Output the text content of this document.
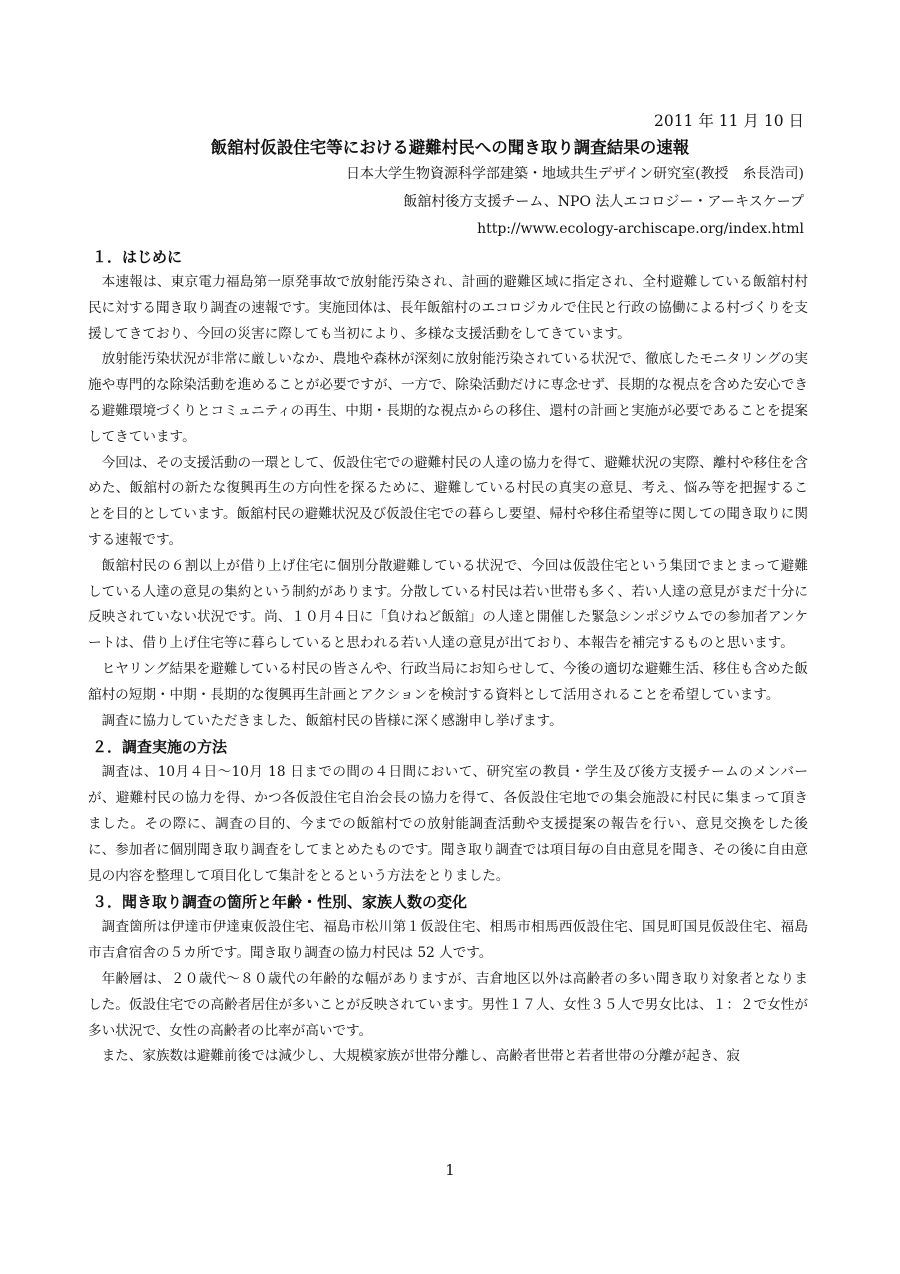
2011 年 11 月 10 日
飯舘村仮設住宅等における避難村民への聞き取り調査結果の速報
日本大学生物資源科学部建築・地域共生デザイン研究室(教授　糸長浩司)
飯舘村後方支援チーム、NPO 法人エコロジー・アーキスケープ
http://www.ecology-archiscape.org/index.html
１．はじめに

本速報は、東京電力福島第一原発事故で放射能汚染され、計画的避難区域に指定され、全村避難している飯舘村村民に対する聞き取り調査の速報です。実施団体は、長年飯舘村のエコロジカルで住民と行政の協働による村づくりを支援してきており、今回の災害に際しても当初により、多様な支援活動をしてきています。

放射能汚染状況が非常に厳しいなか、農地や森林が深刻に放射能汚染されている状況で、徹底したモニタリングの実施や専門的な除染活動を進めることが必要ですが、一方で、除染活動だけに専念せず、長期的な視点を含めた安心できる避難環境づくりとコミュニティの再生、中期・長期的な視点からの移住、還村の計画と実施が必要であることを提案してきています。

今回は、その支援活動の一環として、仮設住宅での避難村民の人達の協力を得て、避難状況の実際、離村や移住を含めた、飯舘村の新たな復興再生の方向性を探るために、避難している村民の真実の意見、考え、悩み等を把握することを目的としています。飯舘村民の避難状況及び仮設住宅での暮らし要望、帰村や移住希望等に関しての聞き取りに関する速報です。

飯舘村民の６割以上が借り上げ住宅に個別分散避難している状況で、今回は仮設住宅という集団でまとまって避難している人達の意見の集約という制約があります。分散している村民は若い世帯も多く、若い人達の意見がまだ十分に反映されていない状況です。尚、１０月４日に「負けねど飯舘」の人達と開催した緊急シンポジウムでの参加者アンケートは、借り上げ住宅等に暮らしていると思われる若い人達の意見が出ており、本報告を補完するものと思います。

ヒヤリング結果を避難している村民の皆さんや、行政当局にお知らせして、今後の適切な避難生活、移住も含めた飯舘村の短期・中期・長期的な復興再生計画とアクションを検討する資料として活用されることを希望しています。

調査に協力していただきました、飯舘村民の皆様に深く感謝申し挙げます。

２．調査実施の方法

調査は、10月４日～10月 18 日までの間の４日間において、研究室の教員・学生及び後方支援チームのメンバーが、避難村民の協力を得、かつ各仮設住宅自治会長の協力を得て、各仮設住宅地での集会施設に村民に集まって頂きました。その際に、調査の目的、今までの飯舘村での放射能調査活動や支援提案の報告を行い、意見交換をした後に、参加者に個別聞き取り調査をしてまとめたものです。聞き取り調査では項目毎の自由意見を聞き、その後に自由意見の内容を整理して項目化して集計をとるという方法をとりました。

３．聞き取り調査の箇所と年齢・性別、家族人数の変化

調査箇所は伊達市伊達東仮設住宅、福島市松川第１仮設住宅、相馬市相馬西仮設住宅、国見町国見仮設住宅、福島市吉倉宿舎の５カ所です。聞き取り調査の協力村民は 52 人です。

年齢層は、２０歳代～８０歳代の年齢的な幅がありますが、吉倉地区以外は高齢者の多い聞き取り対象者となりました。仮設住宅での高齢者居住が多いことが反映されています。男性１７人、女性３５人で男女比は、１：２で女性が多い状況で、女性の高齢者の比率が高いです。

また、家族数は避難前後では減少し、大規模家族が世帯分離し、高齢者世帯と若者世帯の分離が起き、寂

1
